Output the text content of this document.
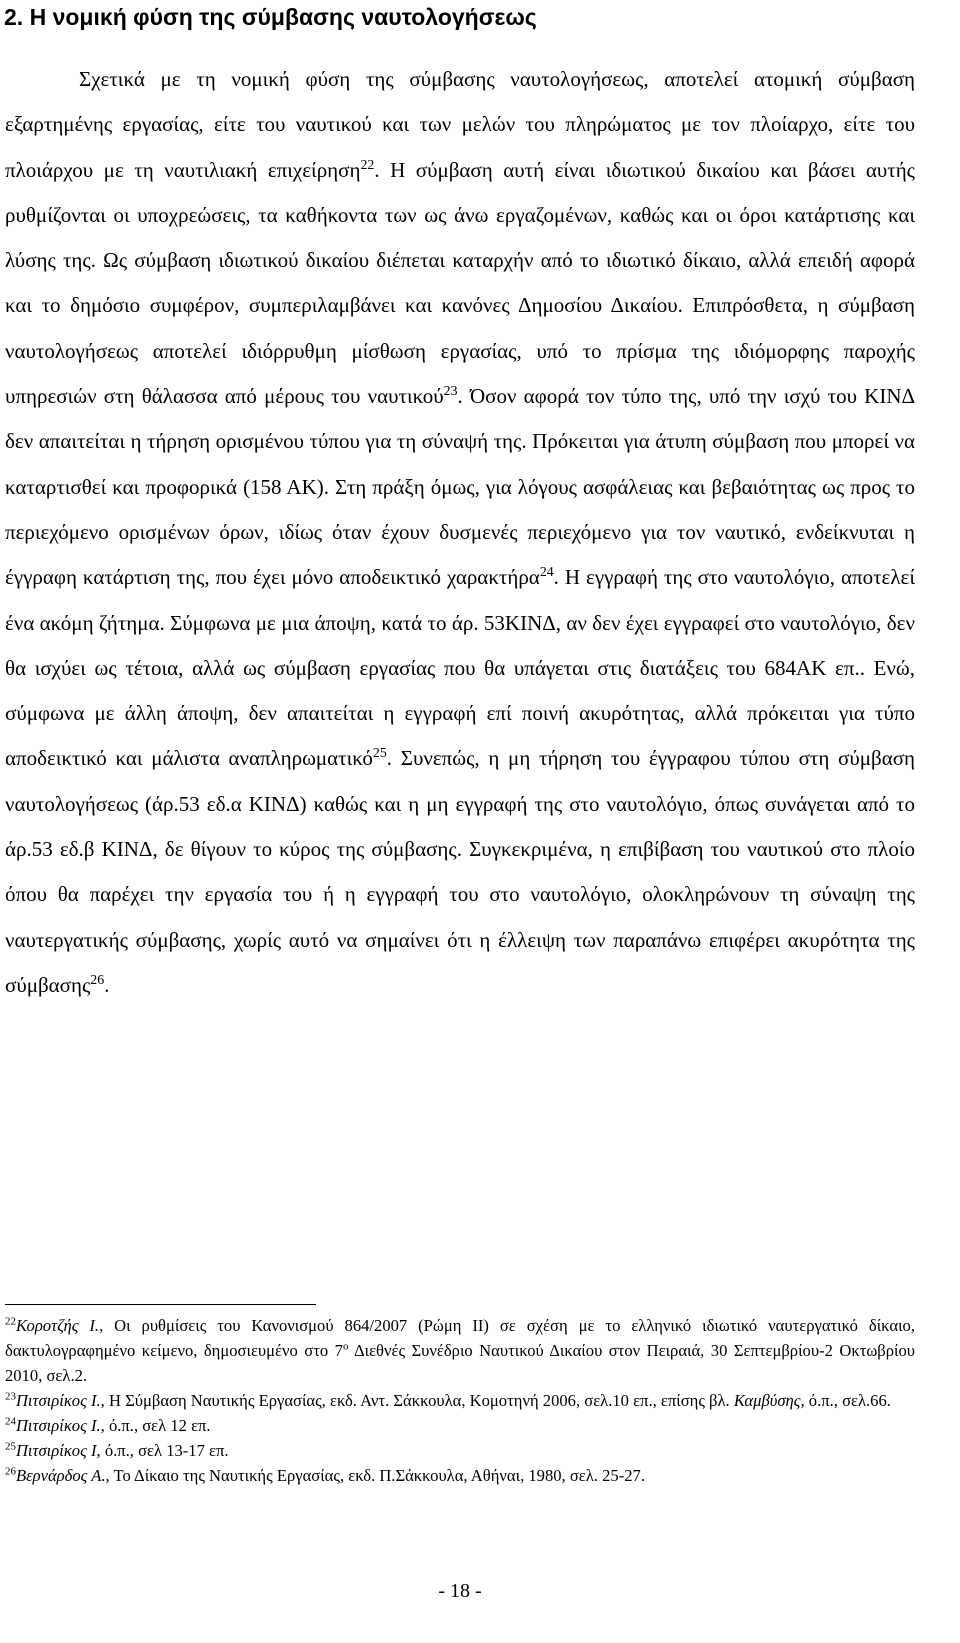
2. Η νομική φύση της σύμβασης ναυτολογήσεως

Σχετικά με τη νομική φύση της σύμβασης ναυτολογήσεως, αποτελεί ατομική σύμβαση εξαρτημένης εργασίας, είτε του ναυτικού και των μελών του πληρώματος με τον πλοίαρχο, είτε του πλοιάρχου με τη ναυτιλιακή επιχείρηση$^{22}$. Η σύμβαση αυτή είναι ιδιωτικού δικαίου και βάσει αυτής ρυθμίζονται οι υποχρεώσεις, τα καθήκοντα των ως άνω εργαζομένων, καθώς και οι όροι κατάρτισης και λύσης της. Ως σύμβαση ιδιωτικού δικαίου διέπεται καταρχήν από το ιδιωτικό δίκαιο, αλλά επειδή αφορά και το δημόσιο συμφέρον, συμπεριλαμβάνει και κανόνες Δημοσίου Δικαίου. Επιπρόσθετα, η σύμβαση ναυτολογήσεως αποτελεί ιδιόρρυθμη μίσθωση εργασίας, υπό το πρίσμα της ιδιόμορφης παροχής υπηρεσιών στη θάλασσα από μέρους του ναυτικού$^{23}$. Όσον αφορά τον τύπο της, υπό την ισχύ του ΚΙΝΔ δεν απαιτείται η τήρηση ορισμένου τύπου για τη σύναψή της. Πρόκειται για άτυπη σύμβαση που μπορεί να καταρτισθεί και προφορικά (158 ΑΚ). Στη πράξη όμως, για λόγους ασφάλειας και βεβαιότητας ως προς το περιεχόμενο ορισμένων όρων, ιδίως όταν έχουν δυσμενές περιεχόμενο για τον ναυτικό, ενδείκνυται η έγγραφη κατάρτιση της, που έχει μόνο αποδεικτικό χαρακτήρα$^{24}$. Η εγγραφή της στο ναυτολόγιο, αποτελεί ένα ακόμη ζήτημα. Σύμφωνα με μια άποψη, κατά το άρ. 53ΚΙΝΔ, αν δεν έχει εγγραφεί στο ναυτολόγιο, δεν θα ισχύει ως τέτοια, αλλά ως σύμβαση εργασίας που θα υπάγεται στις διατάξεις του 684ΑΚ επ.. Ενώ, σύμφωνα με άλλη άποψη, δεν απαιτείται η εγγραφή επί ποινή ακυρότητας, αλλά πρόκειται για τύπο αποδεικτικό και μάλιστα αναπληρωματικό$^{25}$. Συνεπώς, η μη τήρηση του έγγραφου τύπου στη σύμβαση ναυτολογήσεως (άρ.53 εδ.α ΚΙΝΔ) καθώς και η μη εγγραφή της στο ναυτολόγιο, όπως συνάγεται από το άρ.53 εδ.β ΚΙΝΔ, δε θίγουν το κύρος της σύμβασης. Συγκεκριμένα, η επιβίβαση του ναυτικού στο πλοίο όπου θα παρέχει την εργασία του ή η εγγραφή του στο ναυτολόγιο, ολοκληρώνουν τη σύναψη της ναυτεργατικής σύμβασης, χωρίς αυτό να σημαίνει ότι η έλλειψη των παραπάνω επιφέρει ακυρότητα της σύμβασης$^{26}$.

$^{22}$Κοροτζής Ι., Οι ρυθμίσεις του Κανονισμού 864/2007 (Ρώμη ΙΙ) σε σχέση με το ελληνικό ιδιωτικό ναυτεργατικό δίκαιο, δακτυλογραφημένο κείμενο, δημοσιευμένο στο $7^o$ Διεθνές Συνέδριο Ναυτικού Δικαίου στον Πειραιά, 30 Σεπτεμβρίου-2 Οκτωβρίου 2010, σελ.2.

$^{23}$Πιτσιρίκος Ι., Η Σύμβαση Ναυτικής Εργασίας, εκδ. Αντ. Σάκκουλα, Κομοτηνή 2006, σελ.10 επ., επίσης βλ. Καμβύσης, ό.π., σελ.66.

$^{24}$Πιτσιρίκος Ι., ό.π., σελ 12 επ.

$^{25}$Πιτσιρίκος Ι, ό.π., σελ 13-17 επ.

$^{26}$Βερνάρδος Α., Το Δίκαιο της Ναυτικής Εργασίας, εκδ. Π.Σάκκουλα, Αθήναι, 1980, σελ. 25-27.

- 18 -
